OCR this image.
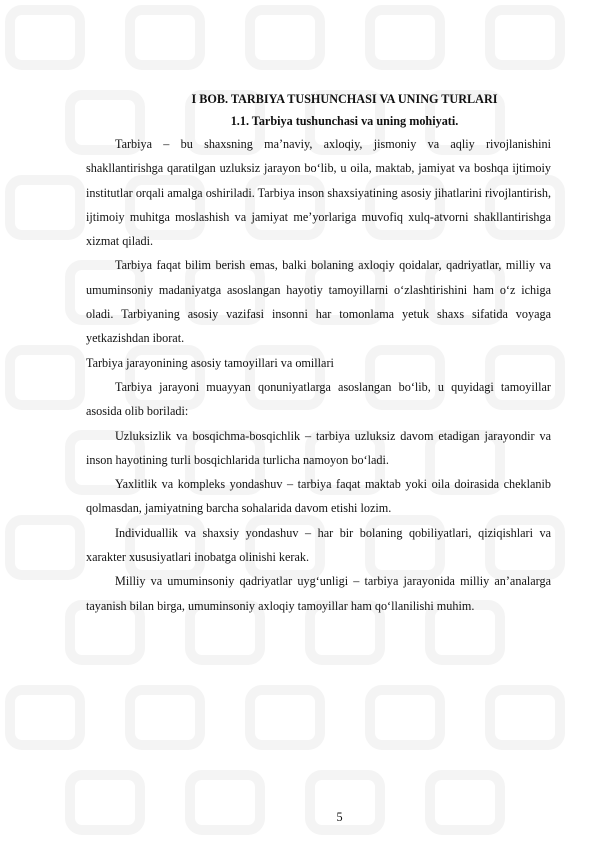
I BOB. TARBIYA TUSHUNCHASI VA UNING TURLARI
1.1. Tarbiya tushunchasi va uning mohiyati.

Tarbiya – bu shaxsning ma’naviy, axloqiy, jismoniy va aqliy rivojlanishini shakllantirishga qaratilgan uzluksiz jarayon bo‘lib, u oila, maktab, jamiyat va boshqa ijtimoiy institutlar orqali amalga oshiriladi. Tarbiya inson shaxsiyatining asosiy jihatlarini rivojlantirish, ijtimoiy muhitga moslashish va jamiyat me’yorlariga muvofiq xulq-atvorni shakllantirishga xizmat qiladi.

Tarbiya faqat bilim berish emas, balki bolaning axloqiy qoidalar, qadriyatlar, milliy va umuminsoniy madaniyatga asoslangan hayotiy tamoyillarni o‘zlashtirishini ham o‘z ichiga oladi. Tarbiyaning asosiy vazifasi insonni har tomonlama yetuk shaxs sifatida voyaga yetkazishdan iborat.

Tarbiya jarayonining asosiy tamoyillari va omillari

Tarbiya jarayoni muayyan qonuniyatlarga asoslangan bo‘lib, u quyidagi tamoyillar asosida olib boriladi:

Uzluksizlik va bosqichma-bosqichlik – tarbiya uzluksiz davom etadigan jarayondir va inson hayotining turli bosqichlarida turlicha namoyon bo‘ladi.

Yaxlitlik va kompleks yondashuv – tarbiya faqat maktab yoki oila doirasida cheklanib qolmasdan, jamiyatning barcha sohalarida davom etishi lozim.

Individuallik va shaxsiy yondashuv – har bir bolaning qobiliyatlari, qiziqishlari va xarakter xususiyatlari inobatga olinishi kerak.

Milliy va umuminsoniy qadriyatlar uyg‘unligi – tarbiya jarayonida milliy an’analarga tayanish bilan birga, umuminsoniy axloqiy tamoyillar ham qo‘llanilishi muhim.

5
